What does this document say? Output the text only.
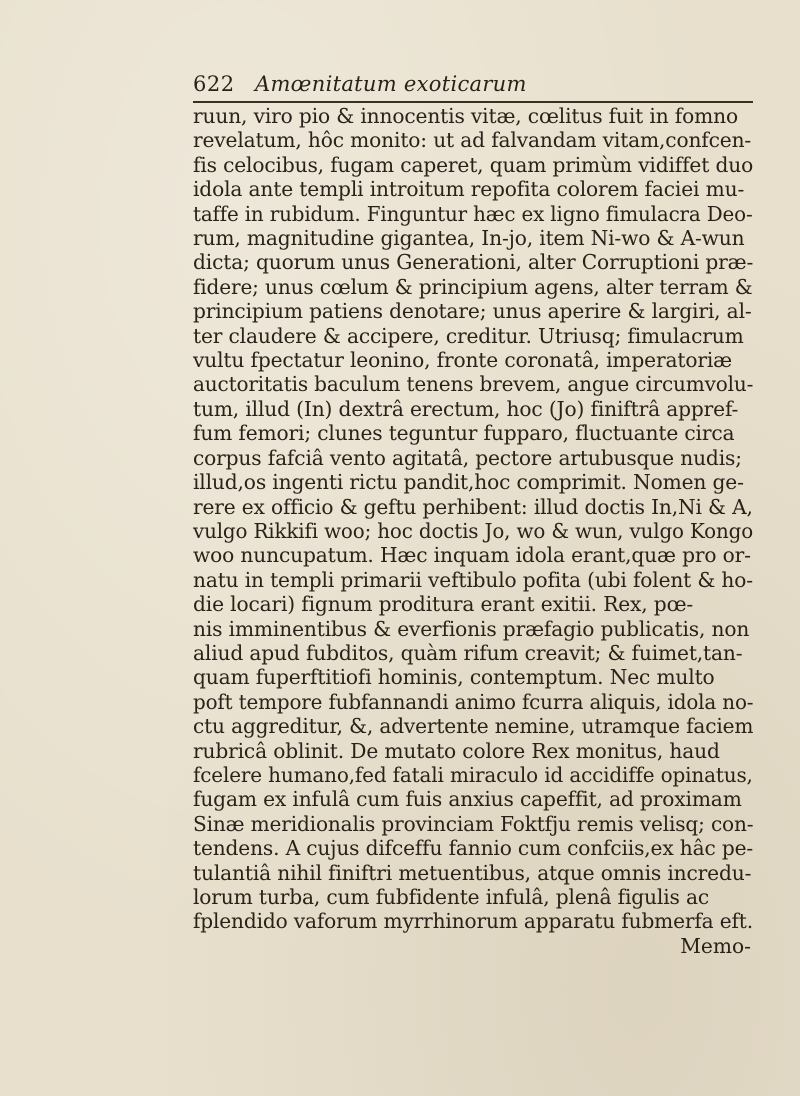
622 Amœnitatum exoticarum
ruun, viro pio & innocentis vitæ, cœlitus fuit in fomno
revelatum, hôc monito: ut ad falvandam vitam,confcen-
fis celocibus, fugam caperet, quam primùm vidiffet duo
idola ante templi introitum repofita colorem faciei mu-
taffe in rubidum. Finguntur hæc ex ligno fimulacra Deo-
rum, magnitudine gigantea, In-jo, item Ni-wo & A-wun
dicta; quorum unus Generationi, alter Corruptioni præ-
fidere; unus cœlum & principium agens, alter terram &
principium patiens denotare; unus aperire & largiri, al-
ter claudere & accipere, creditur. Utriusq; fimulacrum
vultu fpectatur leonino, fronte coronatâ, imperatoriæ
auctoritatis baculum tenens brevem, angue circumvolu-
tum, illud (In) dextrâ erectum, hoc (Jo) finiftrâ appref-
fum femori; clunes teguntur fupparo, fluctuante circa
corpus fafciâ vento agitatâ, pectore artubusque nudis;
illud,os ingenti rictu pandit,hoc comprimit. Nomen ge-
rere ex officio & geftu perhibent: illud doctis In,Ni & A,
vulgo Rikkifi woo; hoc doctis Jo, wo & wun, vulgo Kongo
woo nuncupatum. Hæc inquam idola erant,quæ pro or-
natu in templi primarii veftibulo pofita (ubi folent & ho-
die locari) fignum proditura erant exitii. Rex, pœ-
nis imminentibus & everfionis præfagio publicatis, non
aliud apud fubditos, quàm rifum creavit; & fuimet,tan-
quam fuperftitiofi hominis, contemptum. Nec multo
poft tempore fubfannandi animo fcurra aliquis, idola no-
ctu aggreditur, &, advertente nemine, utramque faciem
rubricâ oblinit. De mutato colore Rex monitus, haud
fcelere humano,fed fatali miraculo id accidiffe opinatus,
fugam ex infulâ cum fuis anxius capeffit, ad proximam
Sinæ meridionalis provinciam Foktfju remis velisq; con-
tendens. A cujus difceffu fannio cum confciis,ex hâc pe-
tulantiâ nihil finiftri metuentibus, atque omnis incredu-
lorum turba, cum fubfidente infulâ, plenâ figulis ac
fplendido vaforum myrrhinorum apparatu fubmerfa eft.
Memo-
